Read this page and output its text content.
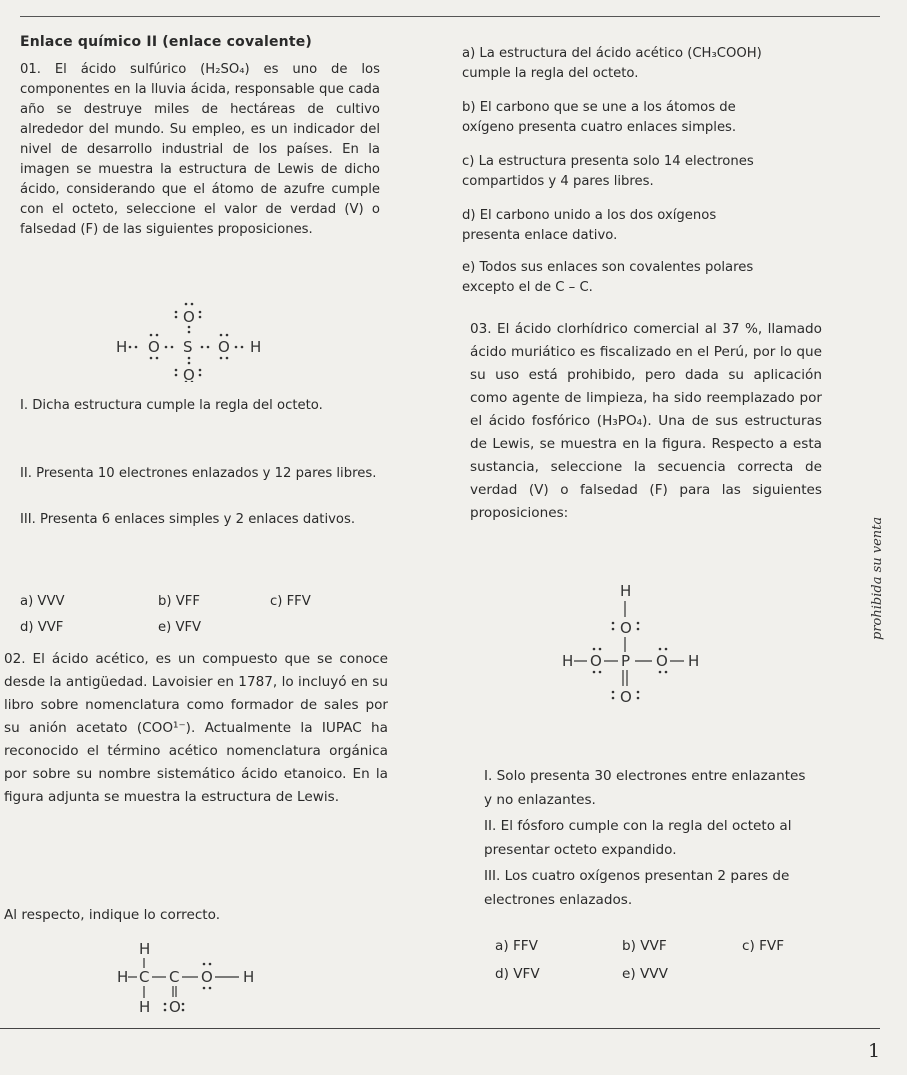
Enlace químico II (enlace covalente)

01. El ácido sulfúrico (H₂SO₄) es uno de los componentes en la lluvia ácida, responsable que cada año se destruye miles de hectáreas de cultivo alrededor del mundo. Su empleo, es un indicador del nivel de desarrollo industrial de los países. En la imagen se muestra la estructura de Lewis de dicho ácido, considerando que el átomo de azufre cumple con el octeto, seleccione el valor de verdad (V) o falsedad (F) de las siguientes proposiciones.

O
H O S O H
O

I. Dicha estructura cumple la regla del octeto.

II. Presenta 10 electrones enlazados y 12 pares libres.

III. Presenta 6 enlaces simples y 2 enlaces dativos.

a) VVV	b) VFF	c) FFV
d) VVF	e) VFV

02. El ácido acético, es un compuesto que se conoce desde la antigüedad. Lavoisier en 1787, lo incluyó en su libro sobre nomenclatura como formador de sales por su anión acetato (COO¹⁻). Actualmente la IUPAC ha reconocido el término acético nomenclatura orgánica por sobre su nombre sistemático ácido etanoico. En la figura adjunta se muestra la estructura de Lewis.

Al respecto, indique lo correcto.

H
H C C O H
H O

a) La estructura del ácido acético (CH₃COOH) cumple la regla del octeto.

b) El carbono que se une a los átomos de oxígeno presenta cuatro enlaces simples.

c) La estructura presenta solo 14 electrones compartidos y 4 pares libres.

d) El carbono unido a los dos oxígenos presenta enlace dativo.

e) Todos sus enlaces son covalentes polares excepto el de C – C.

03. El ácido clorhídrico comercial al 37 %, llamado ácido muriático es fiscalizado en el Perú, por lo que su uso está prohibido, pero dada su aplicación como agente de limpieza, ha sido reemplazado por el ácido fosfórico (H₃PO₄). Una de sus estructuras de Lewis, se muestra en la figura. Respecto a esta sustancia, seleccione la secuencia correcta de verdad (V) o falsedad (F) para las siguientes proposiciones:

H
O
H O P O H
O

I. Solo presenta 30 electrones entre enlazantes y no enlazantes.

II. El fósforo cumple con la regla del octeto al presentar octeto expandido.

III. Los cuatro oxígenos presentan 2 pares de electrones enlazados.

a) FFV	b) VVF	c) FVF
d) VFV	e) VVV
prohibida su venta
1
